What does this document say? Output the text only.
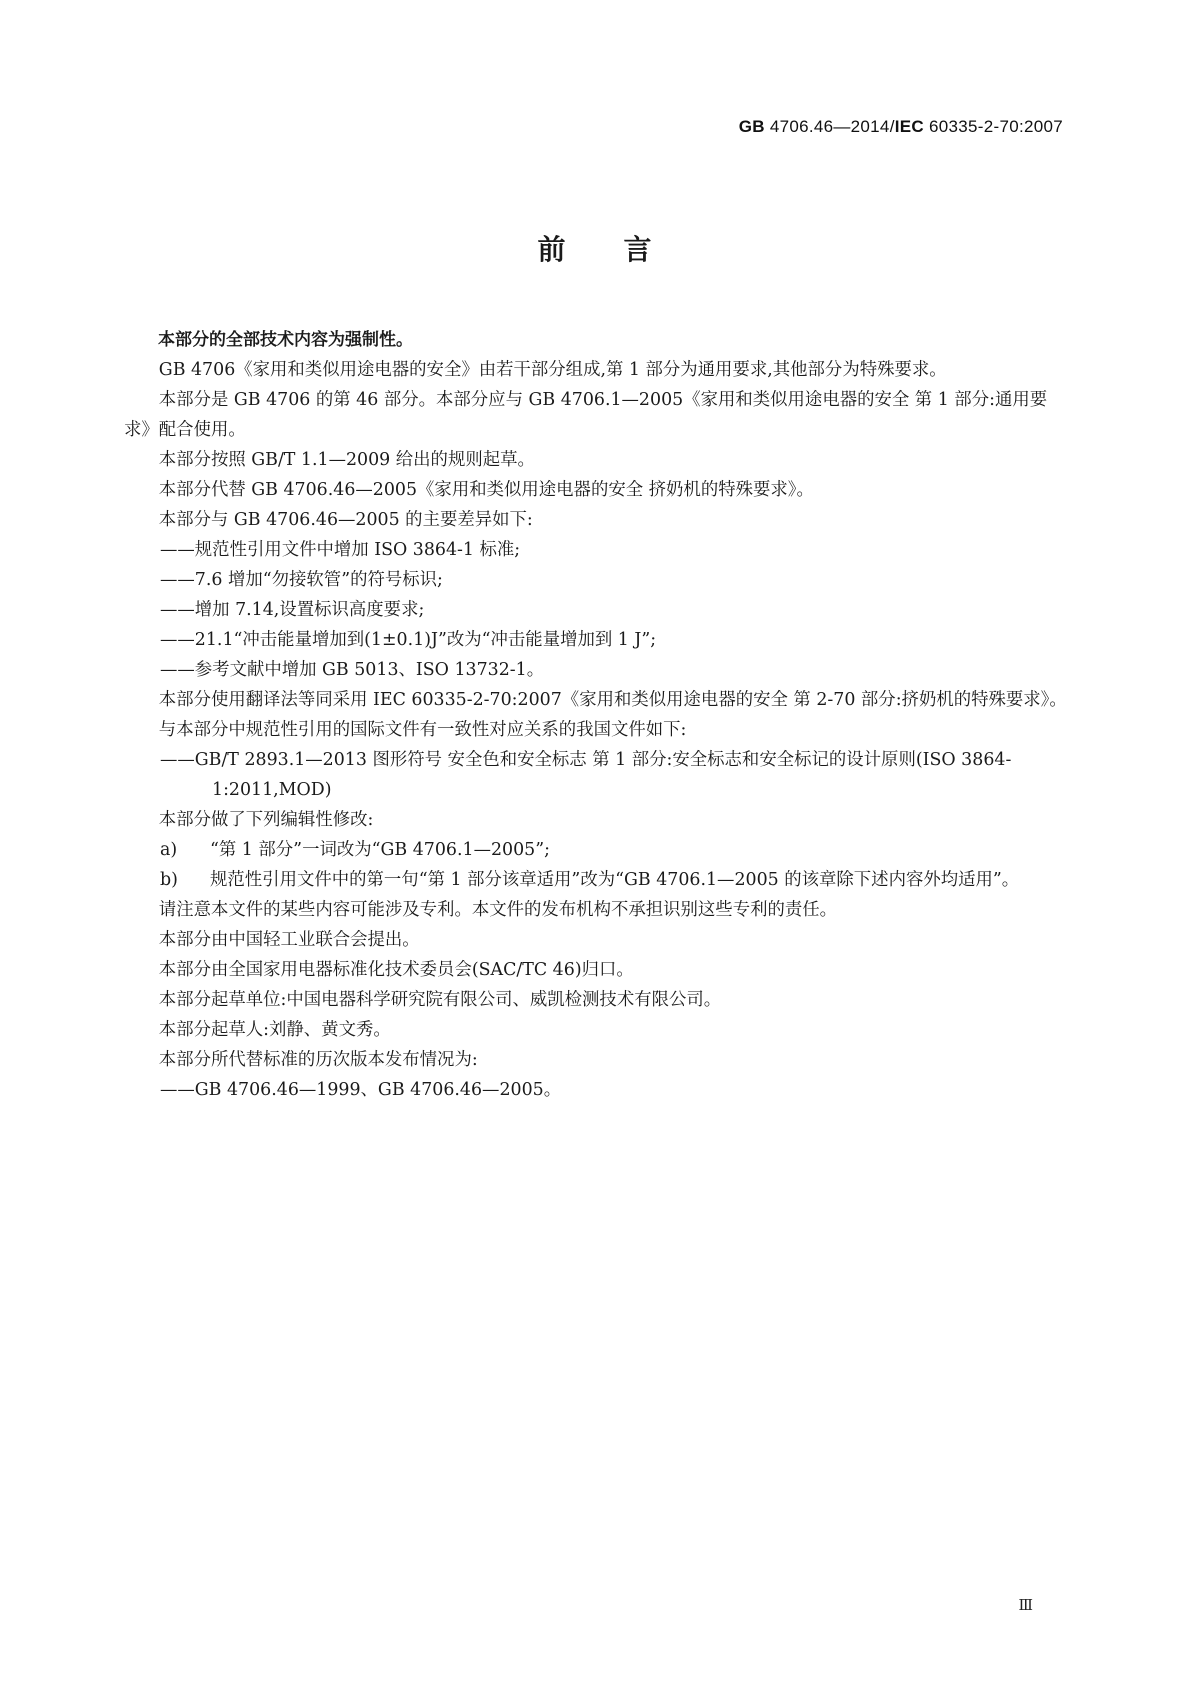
GB 4706.46—2014/IEC 60335-2-70:2007
前 言

本部分的全部技术内容为强制性。

GB 4706《家用和类似用途电器的安全》由若干部分组成,第 1 部分为通用要求,其他部分为特殊要求。

本部分是 GB 4706 的第 46 部分。本部分应与 GB 4706.1—2005《家用和类似用途电器的安全 第 1 部分:通用要求》配合使用。

本部分按照 GB/T 1.1—2009 给出的规则起草。

本部分代替 GB 4706.46—2005《家用和类似用途电器的安全 挤奶机的特殊要求》。

本部分与 GB 4706.46—2005 的主要差异如下:

——规范性引用文件中增加 ISO 3864-1 标准;

——7.6 增加“勿接软管”的符号标识;

——增加 7.14,设置标识高度要求;

——21.1“冲击能量增加到(1±0.1)J”改为“冲击能量增加到 1 J”;

——参考文献中增加 GB 5013、ISO 13732-1。

本部分使用翻译法等同采用 IEC 60335-2-70:2007《家用和类似用途电器的安全 第 2-70 部分:挤奶机的特殊要求》。

与本部分中规范性引用的国际文件有一致性对应关系的我国文件如下:

——GB/T 2893.1—2013 图形符号 安全色和安全标志 第 1 部分:安全标志和安全标记的设计原则(ISO 3864-1:2011,MOD)

本部分做了下列编辑性修改:

a) “第 1 部分”一词改为“GB 4706.1—2005”;

b) 规范性引用文件中的第一句“第 1 部分该章适用”改为“GB 4706.1—2005 的该章除下述内容外均适用”。

请注意本文件的某些内容可能涉及专利。本文件的发布机构不承担识别这些专利的责任。

本部分由中国轻工业联合会提出。

本部分由全国家用电器标准化技术委员会(SAC/TC 46)归口。

本部分起草单位:中国电器科学研究院有限公司、威凯检测技术有限公司。

本部分起草人:刘静、黄文秀。

本部分所代替标准的历次版本发布情况为:

——GB 4706.46—1999、GB 4706.46—2005。

Ⅲ
